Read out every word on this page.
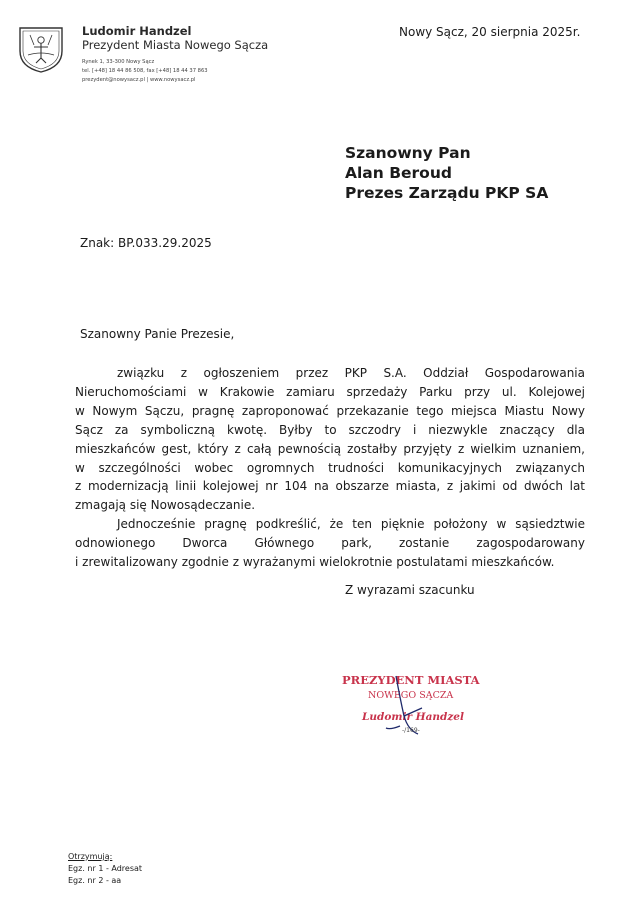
Ludomir Handzel
Prezydent Miasta Nowego Sącza
Rynek 1, 33-300 Nowy Sącz
tel. [+48] 18 44 86 508, fax [+48] 18 44 37 863
prezydent@nowysacz.pl | www.nowysacz.pl
Nowy Sącz, 20 sierpnia 2025r.
Szanowny Pan
Alan Beroud
Prezes Zarządu PKP SA
Znak: BP.033.29.2025
Szanowny Panie Prezesie,
związku z ogłoszeniem przez PKP S.A. Oddział Gospodarowania
Nieruchomościami w Krakowie zamiaru sprzedaży Parku przy ul. Kolejowej
w Nowym Sączu, pragnę zaproponować przekazanie tego miejsca Miastu Nowy
Sącz za symboliczną kwotę. Byłby to szczodry i niezwykle znaczący dla
mieszkańców gest, który z całą pewnością zostałby przyjęty z wielkim uznaniem,
w szczególności wobec ogromnych trudności komunikacyjnych związanych
z modernizacją linii kolejowej nr 104 na obszarze miasta, z jakimi od dwóch lat
zmagają się Nowosądeczanie.
Jednocześnie pragnę podkreślić, że ten pięknie położony w sąsiedztwie
odnowionego Dworca Głównego park, zostanie zagospodarowany
i zrewitalizowany zgodnie z wyrażanymi wielokrotnie postulatami mieszkańców.
Z wyrazami szacunku
PREZYDENT MIASTA
NOWEGO SĄCZA
Ludomir Handzel
-/169-
Otrzymują:
Egz. nr 1 - Adresat
Egz. nr 2 - aa
